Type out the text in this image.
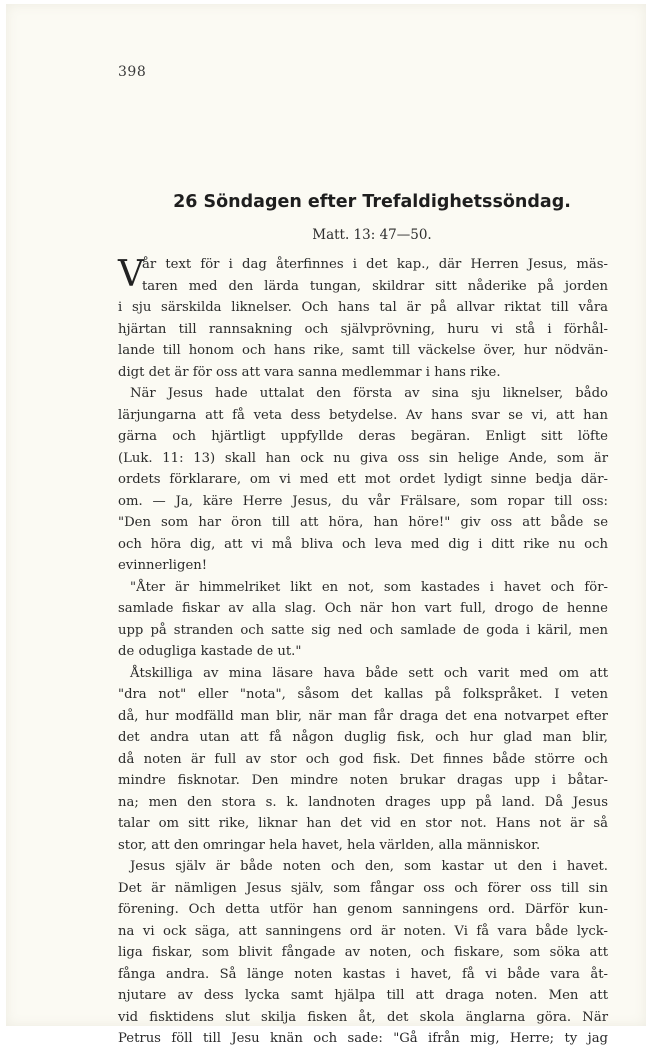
398
26 Söndagen efter Trefaldighetssöndag.
Matt. 13: 47—50.
V
år text för i dag återfinnes i det kap., där Herren Jesus, mäs-
taren med den lärda tungan, skildrar sitt nåderike på jorden
i sju särskilda liknelser. Och hans tal är på allvar riktat till våra
hjärtan till rannsakning och självprövning, huru vi stå i förhål-
lande till honom och hans rike, samt till väckelse över, hur nödvän-
digt det är för oss att vara sanna medlemmar i hans rike.
När Jesus hade uttalat den första av sina sju liknelser, bådo
lärjungarna att få veta dess betydelse. Av hans svar se vi, att han
gärna och hjärtligt uppfyllde deras begäran. Enligt sitt löfte
(Luk. 11: 13) skall han ock nu giva oss sin helige Ande, som är
ordets förklarare, om vi med ett mot ordet lydigt sinne bedja där-
om. — Ja, käre Herre Jesus, du vår Frälsare, som ropar till oss:
"Den som har öron till att höra, han höre!" giv oss att både se
och höra dig, att vi må bliva och leva med dig i ditt rike nu och
evinnerligen!
"Åter är himmelriket likt en not, som kastades i havet och för-
samlade fiskar av alla slag. Och när hon vart full, drogo de henne
upp på stranden och satte sig ned och samlade de goda i käril, men
de odugliga kastade de ut."
Åtskilliga av mina läsare hava både sett och varit med om att
"dra not" eller "nota", såsom det kallas på folkspråket. I veten
då, hur modfälld man blir, när man får draga det ena notvarpet efter
det andra utan att få någon duglig fisk, och hur glad man blir,
då noten är full av stor och god fisk. Det finnes både större och
mindre fisknotar. Den mindre noten brukar dragas upp i båtar-
na; men den stora s. k. landnoten drages upp på land. Då Jesus
talar om sitt rike, liknar han det vid en stor not. Hans not är så
stor, att den omringar hela havet, hela världen, alla människor.
Jesus själv är både noten och den, som kastar ut den i havet.
Det är nämligen Jesus själv, som fångar oss och förer oss till sin
förening. Och detta utför han genom sanningens ord. Därför kun-
na vi ock säga, att sanningens ord är noten. Vi få vara både lyck-
liga fiskar, som blivit fångade av noten, och fiskare, som söka att
fånga andra. Så länge noten kastas i havet, få vi både vara åt-
njutare av dess lycka samt hjälpa till att draga noten. Men att
vid fisktidens slut skilja fisken åt, det skola änglarna göra. När
Petrus föll till Jesu knän och sade: "Gå ifrån mig, Herre; ty jag
